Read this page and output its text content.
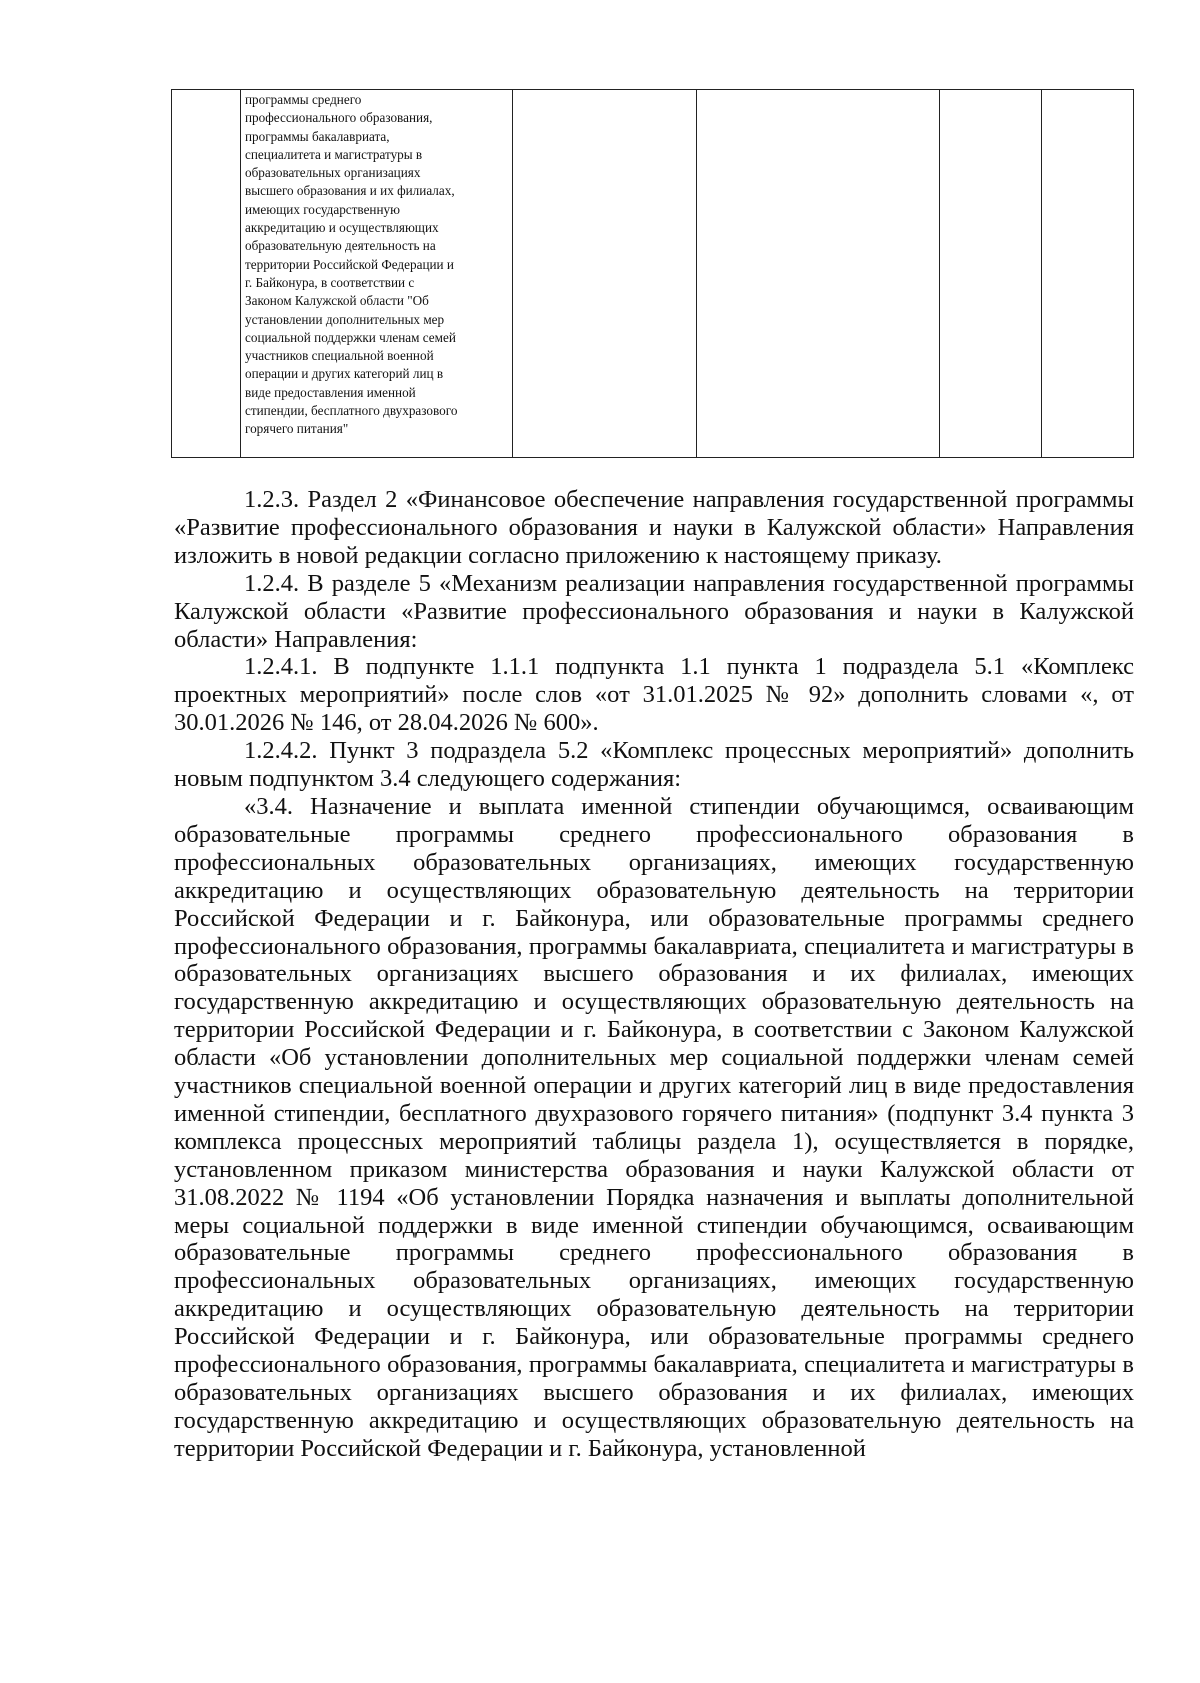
программы среднего
профессионального образования,
программы бакалавриата,
специалитета и магистратуры в
образовательных организациях
высшего образования и их филиалах,
имеющих государственную
аккредитацию и осуществляющих
образовательную деятельность на
территории Российской Федерации и
г. Байконура, в соответствии с
Законом Калужской области "Об
установлении дополнительных мер
социальной поддержки членам семей
участников специальной военной
операции и других категорий лиц в
виде предоставления именной
стипендии, бесплатного двухразового
горячего питания"

1.2.3. Раздел 2 «Финансовое обеспечение направления государственной программы «Развитие профессионального образования и науки в Калужской области» Направления изложить в новой редакции согласно приложению к настоящему приказу.

1.2.4. В разделе 5 «Механизм реализации направления государственной программы Калужской области «Развитие профессионального образования и науки в Калужской области» Направления:

1.2.4.1. В подпункте 1.1.1 подпункта 1.1 пункта 1 подраздела 5.1 «Комплекс проектных мероприятий» после слов «от 31.01.2025 № 92» дополнить словами «, от 30.01.2026 № 146, от 28.04.2026 № 600».

1.2.4.2. Пункт 3 подраздела 5.2 «Комплекс процессных мероприятий» дополнить новым подпунктом 3.4 следующего содержания:

«3.4. Назначение и выплата именной стипендии обучающимся, осваивающим образовательные программы среднего профессионального образования в профессиональных образовательных организациях, имеющих государственную аккредитацию и осуществляющих образовательную деятельность на территории Российской Федерации и г. Байконура, или образовательные программы среднего профессионального образования, программы бакалавриата, специалитета и магистратуры в образовательных организациях высшего образования и их филиалах, имеющих государственную аккредитацию и осуществляющих образовательную деятельность на территории Российской Федерации и г. Байконура, в соответствии с Законом Калужской области «Об установлении дополнительных мер социальной поддержки членам семей участников специальной военной операции и других категорий лиц в виде предоставления именной стипендии, бесплатного двухразового горячего питания» (подпункт 3.4 пункта 3 комплекса процессных мероприятий таблицы раздела 1), осуществляется в порядке, установленном приказом министерства образования и науки Калужской области от 31.08.2022 № 1194 «Об установлении Порядка назначения и выплаты дополнительной меры социальной поддержки в виде именной стипендии обучающимся, осваивающим образовательные программы среднего профессионального образования в профессиональных образовательных организациях, имеющих государственную аккредитацию и осуществляющих образовательную деятельность на территории Российской Федерации и г. Байконура, или образовательные программы среднего профессионального образования, программы бакалавриата, специалитета и магистратуры в образовательных организациях высшего образования и их филиалах, имеющих государственную аккредитацию и осуществляющих образовательную деятельность на территории Российской Федерации и г. Байконура, установленной
